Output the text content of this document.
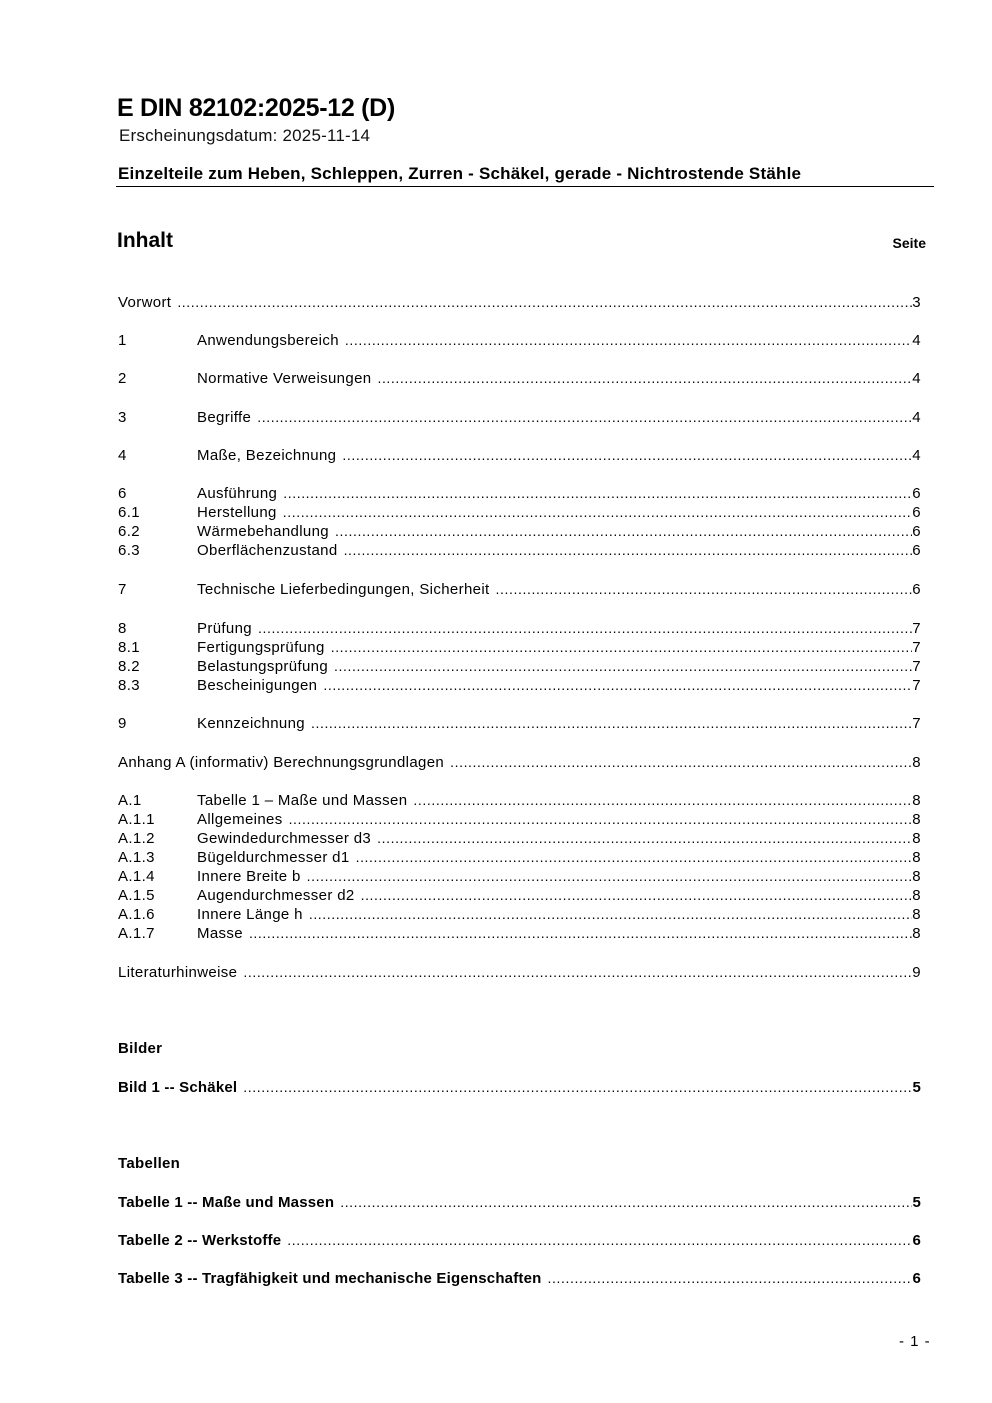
E DIN 82102:2025-12 (D)
Erscheinungsdatum: 2025-11-14
Einzelteile zum Heben, Schleppen, Zurren - Schäkel, gerade - Nichtrostende Stähle
Inhalt	Seite
Vorwort .....	3
1	Anwendungsbereich .....	4
2	Normative Verweisungen .....	4
3	Begriffe .....	4
4	Maße, Bezeichnung .....	4
6	Ausführung .....	6
6.1	Herstellung .....	6
6.2	Wärmebehandlung .....	6
6.3	Oberflächenzustand .....	6
7	Technische Lieferbedingungen, Sicherheit .....	6
8	Prüfung .....	7
8.1	Fertigungsprüfung .....	7
8.2	Belastungsprüfung .....	7
8.3	Bescheinigungen .....	7
9	Kennzeichnung .....	7
Anhang A (informativ) Berechnungsgrundlagen .....	8
A.1	Tabelle 1 – Maße und Massen .....	8
A.1.1	Allgemeines .....	8
A.1.2	Gewindedurchmesser d3 .....	8
A.1.3	Bügeldurchmesser d1 .....	8
A.1.4	Innere Breite b .....	8
A.1.5	Augendurchmesser d2 .....	8
A.1.6	Innere Länge h .....	8
A.1.7	Masse .....	8
Literaturhinweise .....	9
Bilder
Bild 1 -- Schäkel .....	5
Tabellen
Tabelle 1 -- Maße und Massen .....	5
Tabelle 2 -- Werkstoffe .....	6
Tabelle 3 -- Tragfähigkeit und mechanische Eigenschaften .....	6
- 1 -
